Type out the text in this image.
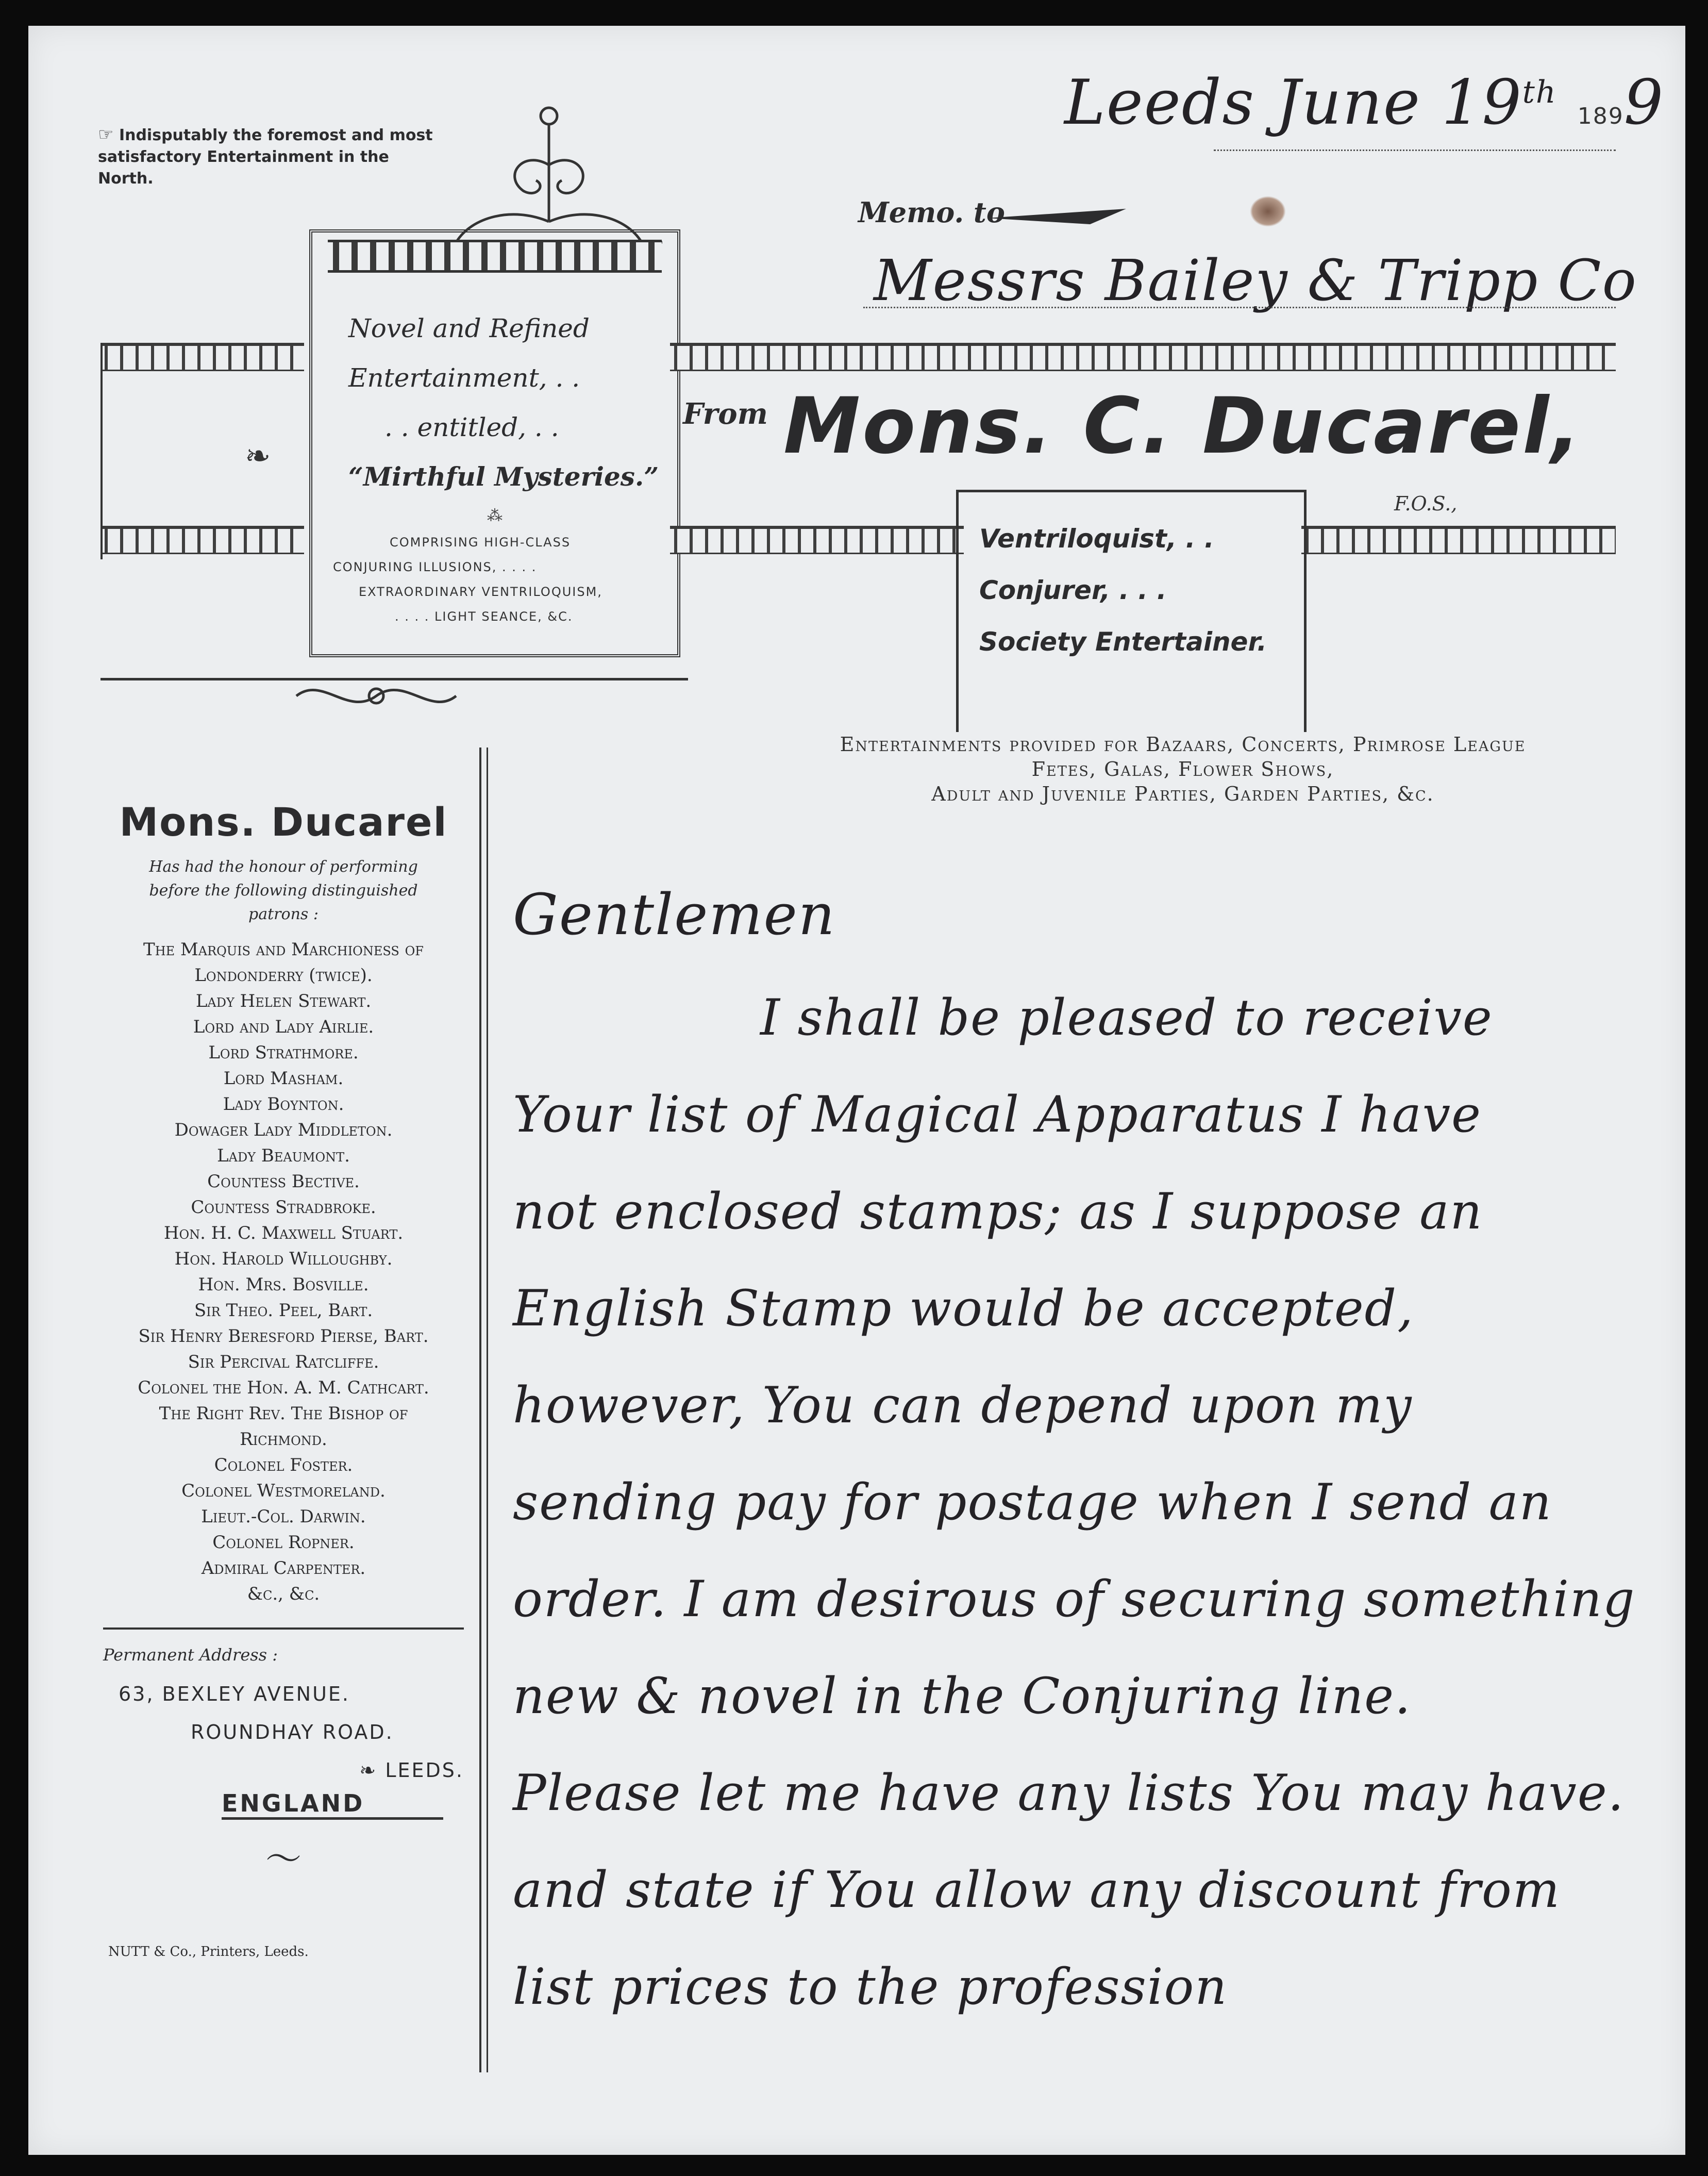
☞ Indisputably the foremost and most satisfactory Entertainment in the North.
❧
Novel and Refined
Entertainment, . .
. . entitled, . .
“Mirthful Mysteries.”
⁂
COMPRISING HIGH-CLASS
CONJURING ILLUSIONS, . . . .
EXTRAORDINARY VENTRILOQUISM,
. . . . LIGHT SEANCE, &C.
Leeds June 19th 1899
Memo. to
Messrs Bailey & Tripp Co
From Mons. C. Ducarel,
F.O.S.,
Ventriloquist, . .
Conjurer, . . .
Society Entertainer.
Entertainments provided for Bazaars, Concerts, Primrose League
Fetes, Galas, Flower Shows,
Adult and Juvenile Parties, Garden Parties, &c.
Mons. Ducarel
Has had the honour of performing before the following distinguished patrons :
The Marquis and Marchioness of
Londonderry (twice).
Lady Helen Stewart.
Lord and Lady Airlie.
Lord Strathmore.
Lord Masham.
Lady Boynton.
Dowager Lady Middleton.
Lady Beaumont.
Countess Bective.
Countess Stradbroke.
Hon. H. C. Maxwell Stuart.
Hon. Harold Willoughby.
Hon. Mrs. Bosville.
Sir Theo. Peel, Bart.
Sir Henry Beresford Pierse, Bart.
Sir Percival Ratcliffe.
Colonel the Hon. A. M. Cathcart.
The Right Rev. The Bishop of
Richmond.
Colonel Foster.
Colonel Westmoreland.
Lieut.-Col. Darwin.
Colonel Ropner.
Admiral Carpenter.
&c., &c.
Permanent Address :
63, BEXLEY AVENUE.
ROUNDHAY ROAD.
❧ LEEDS.
ENGLAND
〜
NUTT & Co., Printers, Leeds.
Gentlemen
I shall be pleased to receive
Your list of Magical Apparatus I have
not enclosed stamps; as I suppose an
English Stamp would be accepted,
however, You can depend upon my
sending pay for postage when I send an
order. I am desirous of securing something
new & novel in the Conjuring line.
Please let me have any lists You may have.
and state if You allow any discount from
list prices to the profession
